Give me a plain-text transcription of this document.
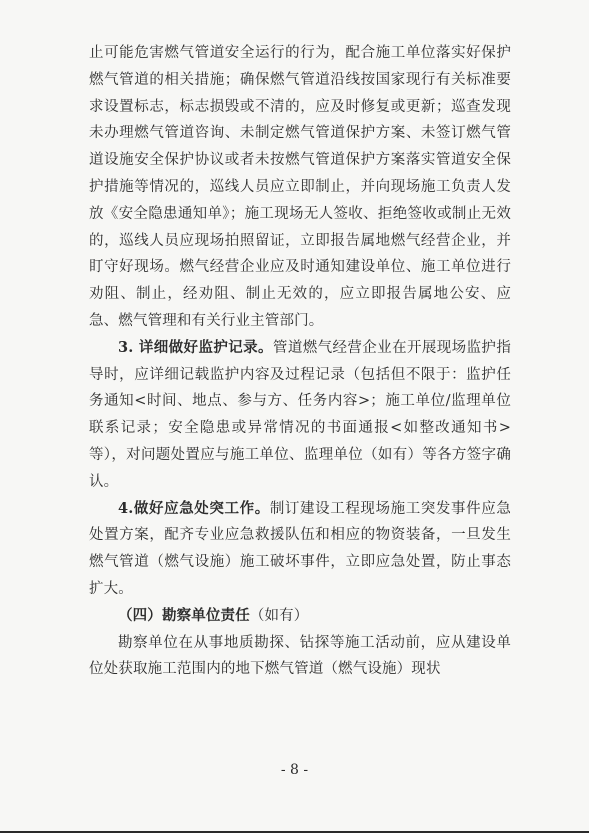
止可能危害燃气管道安全运行的行为，配合施工单位落实好保护燃气管道的相关措施；确保燃气管道沿线按国家现行有关标准要求设置标志，标志损毁或不清的，应及时修复或更新；巡查发现未办理燃气管道咨询、未制定燃气管道保护方案、未签订燃气管道设施安全保护协议或者未按燃气管道保护方案落实管道安全保护措施等情况的，巡线人员应立即制止，并向现场施工负责人发放《安全隐患通知单》；施工现场无人签收、拒绝签收或制止无效的，巡线人员应现场拍照留证，立即报告属地燃气经营企业，并盯守好现场。燃气经营企业应及时通知建设单位、施工单位进行劝阻、制止，经劝阻、制止无效的，应立即报告属地公安、应急、燃气管理和有关行业主管部门。

3. 详细做好监护记录。管道燃气经营企业在开展现场监护指导时，应详细记载监护内容及过程记录（包括但不限于：监护任务通知<时间、地点、参与方、任务内容>；施工单位/监理单位联系记录；安全隐患或异常情况的书面通报<如整改通知书>等），对问题处置应与施工单位、监理单位（如有）等各方签字确认。

4.做好应急处突工作。制订建设工程现场施工突发事件应急处置方案，配齐专业应急救援队伍和相应的物资装备，一旦发生燃气管道（燃气设施）施工破坏事件，立即应急处置，防止事态扩大。

（四）勘察单位责任（如有）

勘察单位在从事地质勘探、钻探等施工活动前，应从建设单位处获取施工范围内的地下燃气管道（燃气设施）现状

- 8 -
